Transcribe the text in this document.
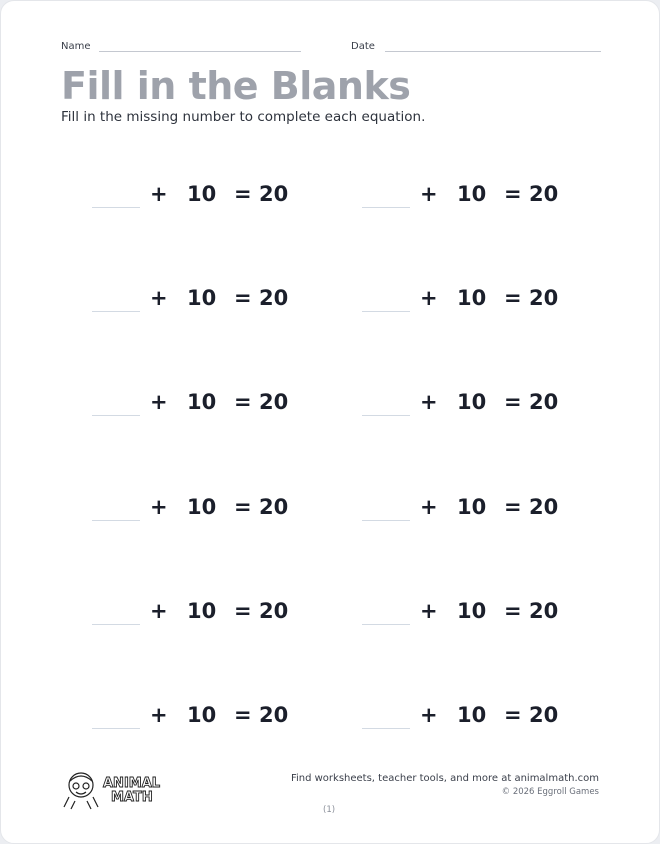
Name	Date
Fill in the Blanks
Fill in the missing number to complete each equation.
+ 10 = 20	+ 10 = 20
+ 10 = 20	+ 10 = 20
+ 10 = 20	+ 10 = 20
+ 10 = 20	+ 10 = 20
+ 10 = 20	+ 10 = 20
+ 10 = 20	+ 10 = 20
ANIMAL
MATH
Find worksheets, teacher tools, and more at animalmath.com
© 2026 Eggroll Games
(1)
